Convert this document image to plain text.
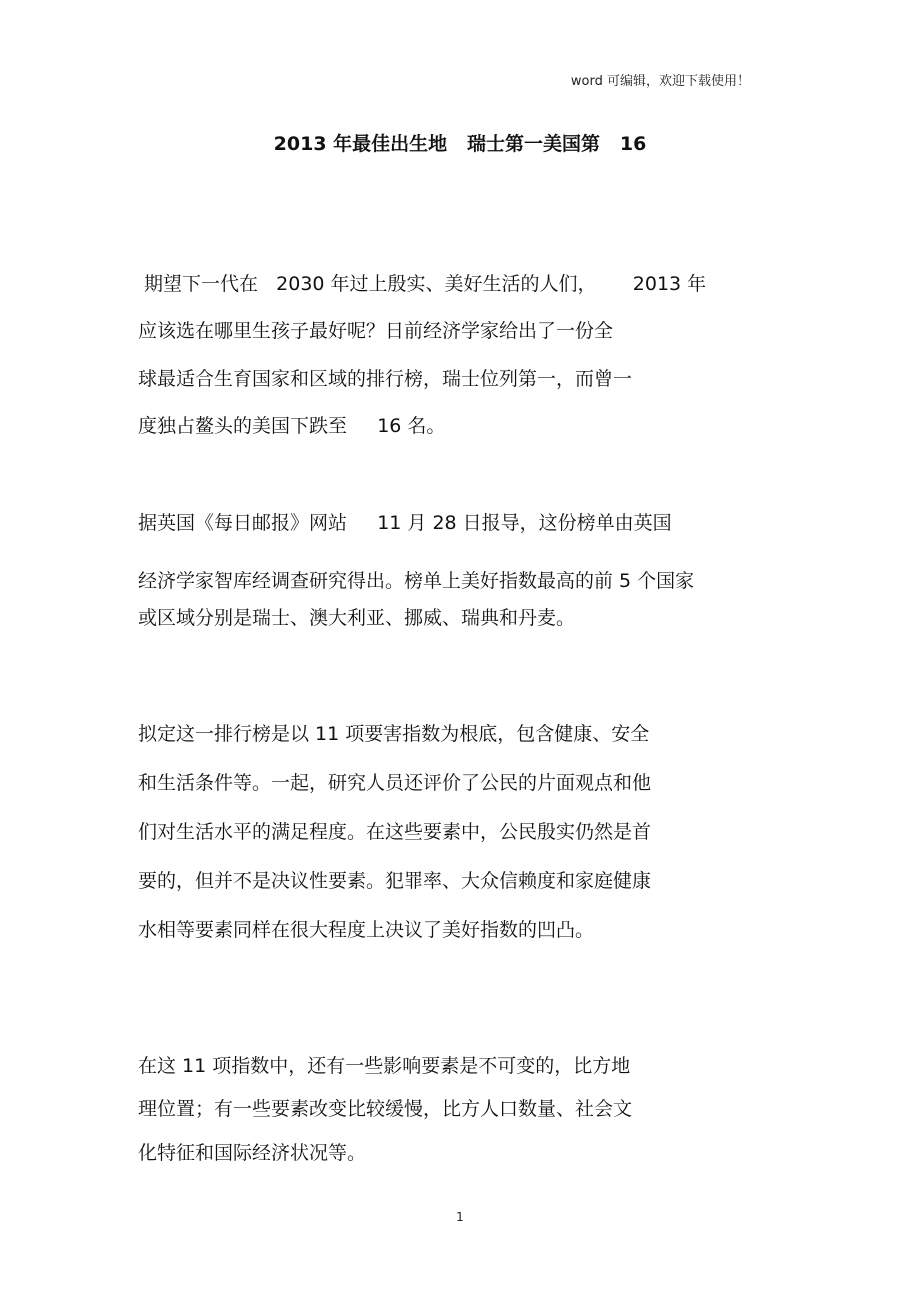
word 可编辑，欢迎下载使用！
2013 年最佳出生地   瑞士第一美国第   16
期望下一代在   2030 年过上殷实、美好生活的人们，      2013 年
应该选在哪里生孩子最好呢？日前经济学家给出了一份全
球最适合生育国家和区域的排行榜，瑞士位列第一，而曾一
度独占鳌头的美国下跌至     16 名。
据英国《每日邮报》网站     11 月 28 日报导，这份榜单由英国
经济学家智库经调查研究得出。榜单上美好指数最高的前 5 个国家
或区域分别是瑞士、澳大利亚、挪威、瑞典和丹麦。
拟定这一排行榜是以 11 项要害指数为根底，包含健康、安全
和生活条件等。一起，研究人员还评价了公民的片面观点和他
们对生活水平的满足程度。在这些要素中，公民殷实仍然是首
要的，但并不是决议性要素。犯罪率、大众信赖度和家庭健康
水相等要素同样在很大程度上决议了美好指数的凹凸。
在这 11 项指数中，还有一些影响要素是不可变的，比方地
理位置；有一些要素改变比较缓慢，比方人口数量、社会文
化特征和国际经济状况等。
1
